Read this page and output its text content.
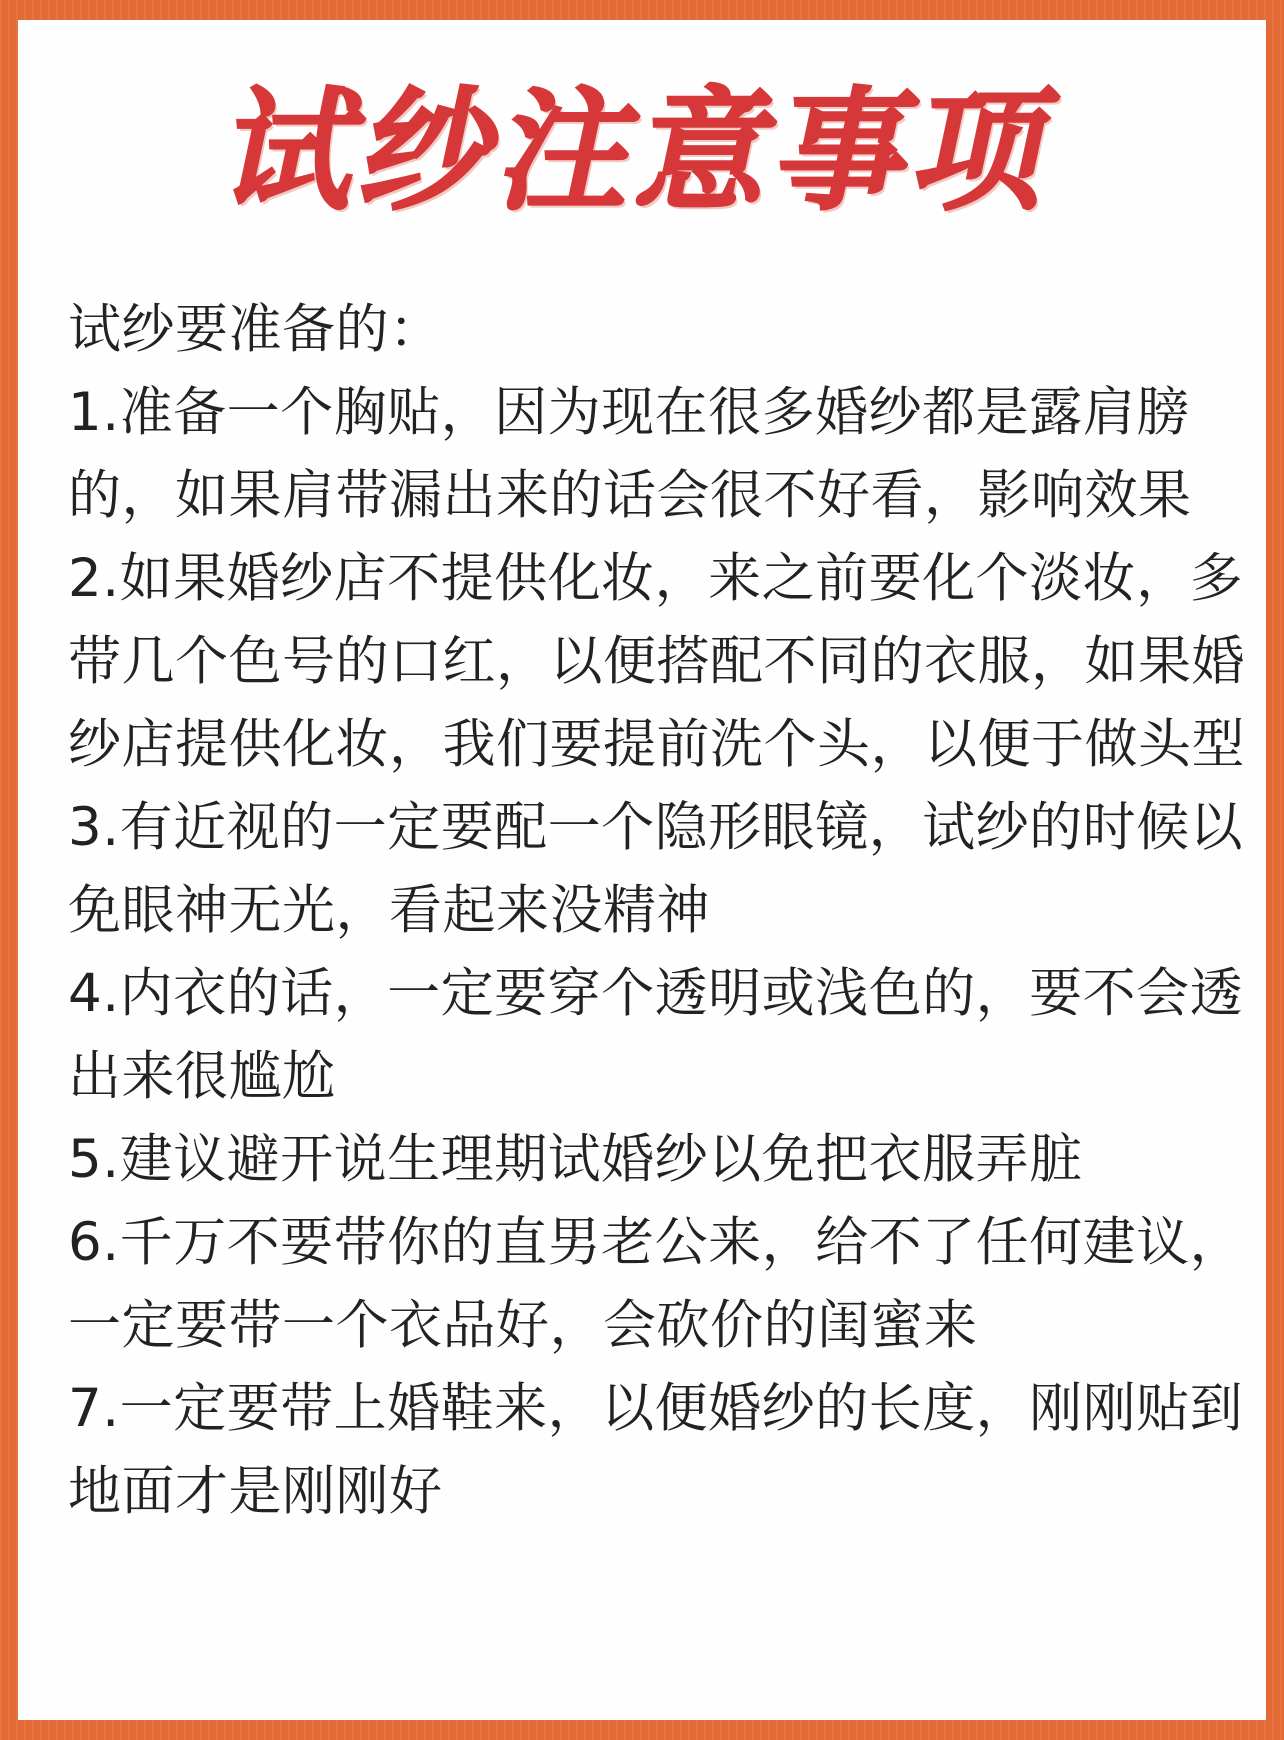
试纱注意事项

试纱要准备的：

1.准备一个胸贴，因为现在很多婚纱都是露肩膀的，如果肩带漏出来的话会很不好看，影响效果

2.如果婚纱店不提供化妆，来之前要化个淡妆，多带几个色号的口红，以便搭配不同的衣服，如果婚纱店提供化妆，我们要提前洗个头，以便于做头型

3.有近视的一定要配一个隐形眼镜，试纱的时候以免眼神无光，看起来没精神

4.内衣的话，一定要穿个透明或浅色的，要不会透出来很尴尬

5.建议避开说生理期试婚纱以免把衣服弄脏

6.千万不要带你的直男老公来，给不了任何建议，一定要带一个衣品好，会砍价的闺蜜来

7.一定要带上婚鞋来，以便婚纱的长度，刚刚贴到地面才是刚刚好
